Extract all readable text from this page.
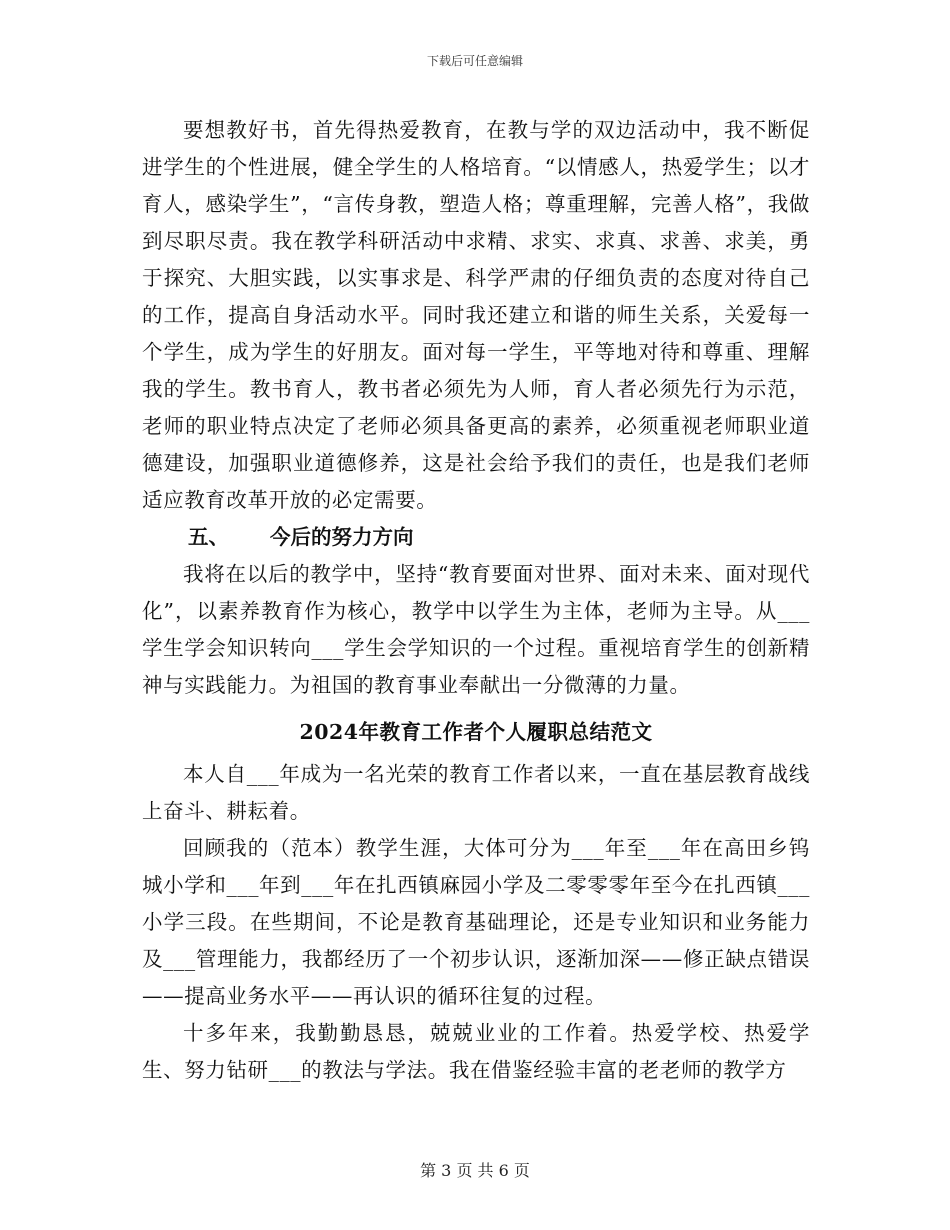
下载后可任意编辑

要想教好书，首先得热爱教育，在教与学的双边活动中，我不断促进学生的个性进展，健全学生的人格培育。“以情感人，热爱学生；以才育人，感染学生”，“言传身教，塑造人格；尊重理解，完善人格”，我做到尽职尽责。我在教学科研活动中求精、求实、求真、求善、求美，勇于探究、大胆实践，以实事求是、科学严肃的仔细负责的态度对待自己的工作，提高自身活动水平。同时我还建立和谐的师生关系，关爱每一个学生，成为学生的好朋友。面对每一学生，平等地对待和尊重、理解我的学生。教书育人，教书者必须先为人师，育人者必须先行为示范，老师的职业特点决定了老师必须具备更高的素养，必须重视老师职业道德建设，加强职业道德修养，这是社会给予我们的责任，也是我们老师适应教育改革开放的必定需要。

五、 今后的努力方向

我将在以后的教学中，坚持“教育要面对世界、面对未来、面对现代化”，以素养教育作为核心，教学中以学生为主体，老师为主导。从___学生学会知识转向___学生会学知识的一个过程。重视培育学生的创新精神与实践能力。为祖国的教育事业奉献出一分微薄的力量。

2024年教育工作者个人履职总结范文

本人自___年成为一名光荣的教育工作者以来，一直在基层教育战线上奋斗、耕耘着。

回顾我的（范本）教学生涯，大体可分为___年至___年在高田乡钨城小学和___年到___年在扎西镇麻园小学及二零零零年至今在扎西镇___小学三段。在些期间，不论是教育基础理论，还是专业知识和业务能力及___管理能力，我都经历了一个初步认识，逐渐加深——修正缺点错误——提高业务水平——再认识的循环往复的过程。

十多年来，我勤勤恳恳，兢兢业业的工作着。热爱学校、热爱学生、努力钻研___的教法与学法。我在借鉴经验丰富的老老师的教学方

第 3 页 共 6 页
